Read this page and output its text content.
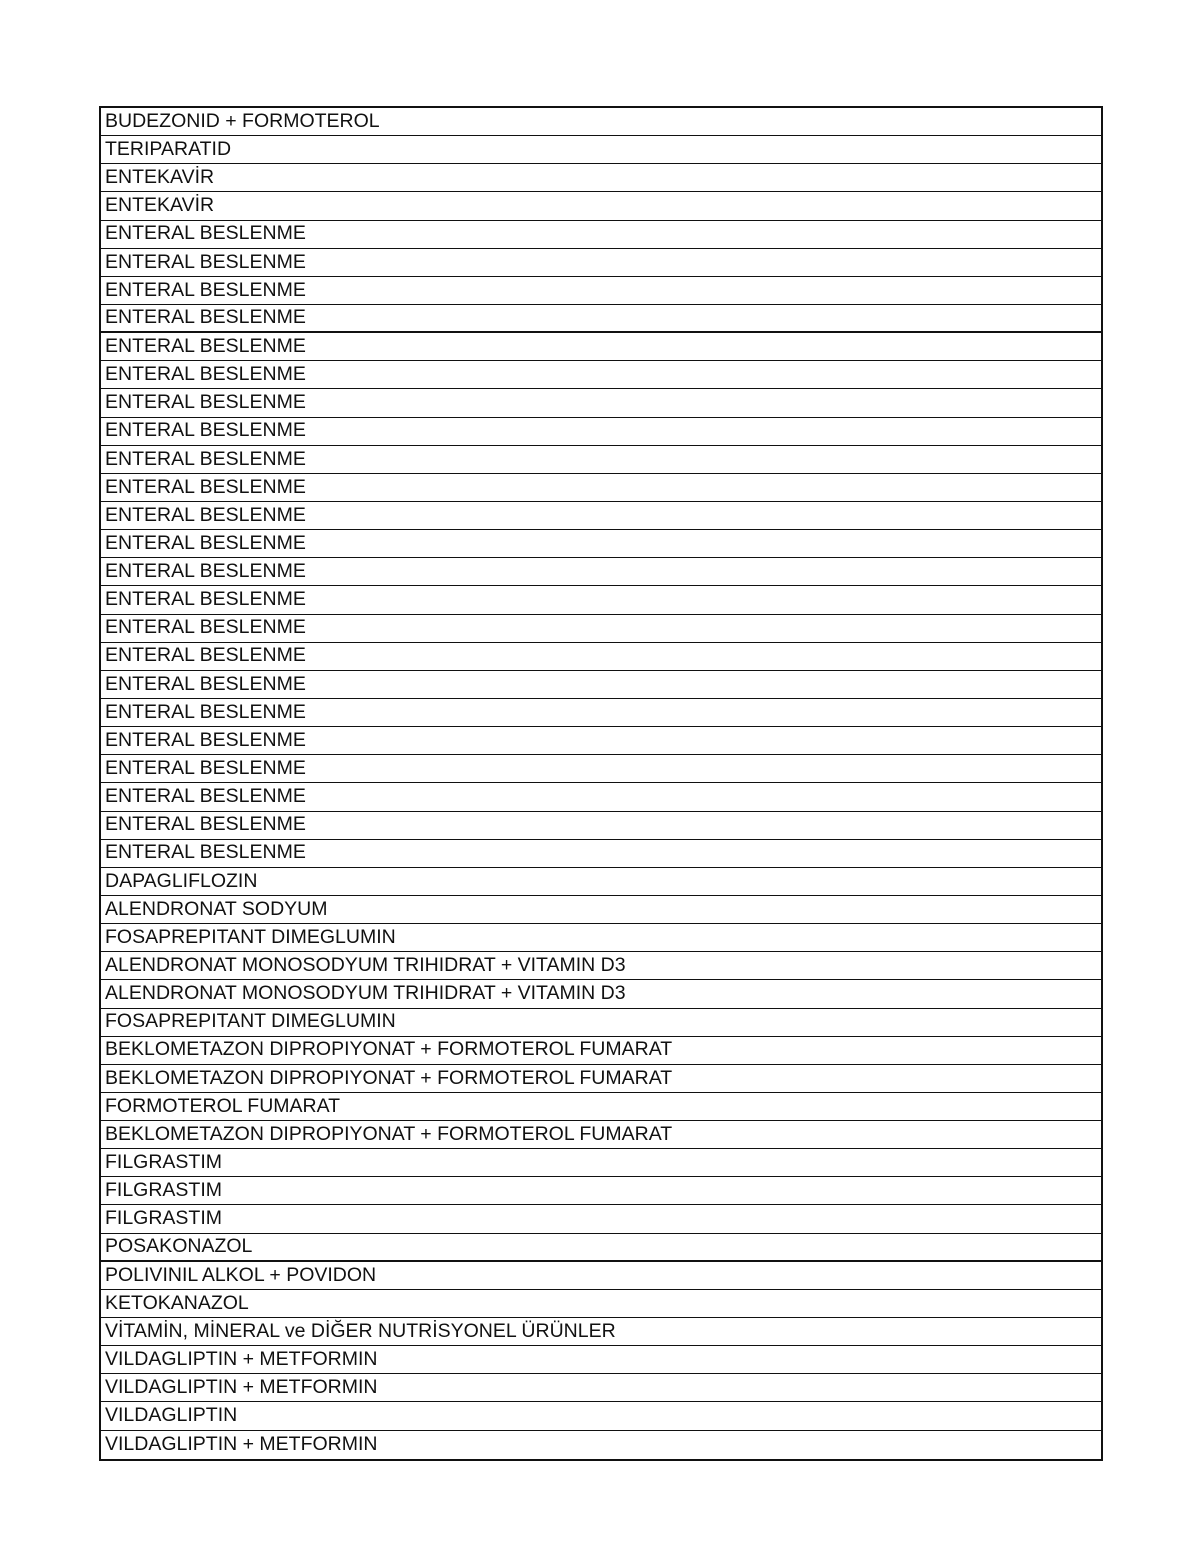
BUDEZONID + FORMOTEROL
TERIPARATID
ENTEKAVİR
ENTEKAVİR
ENTERAL BESLENME
ENTERAL BESLENME
ENTERAL BESLENME
ENTERAL BESLENME
ENTERAL BESLENME
ENTERAL BESLENME
ENTERAL BESLENME
ENTERAL BESLENME
ENTERAL BESLENME
ENTERAL BESLENME
ENTERAL BESLENME
ENTERAL BESLENME
ENTERAL BESLENME
ENTERAL BESLENME
ENTERAL BESLENME
ENTERAL BESLENME
ENTERAL BESLENME
ENTERAL BESLENME
ENTERAL BESLENME
ENTERAL BESLENME
ENTERAL BESLENME
ENTERAL BESLENME
ENTERAL BESLENME
DAPAGLIFLOZIN
ALENDRONAT SODYUM
FOSAPREPITANT DIMEGLUMIN
ALENDRONAT MONOSODYUM TRIHIDRAT + VITAMIN D3
ALENDRONAT MONOSODYUM TRIHIDRAT + VITAMIN D3
FOSAPREPITANT DIMEGLUMIN
BEKLOMETAZON DIPROPIYONAT + FORMOTEROL FUMARAT
BEKLOMETAZON DIPROPIYONAT + FORMOTEROL FUMARAT
FORMOTEROL FUMARAT
BEKLOMETAZON DIPROPIYONAT + FORMOTEROL FUMARAT
FILGRASTIM
FILGRASTIM
FILGRASTIM
POSAKONAZOL
POLIVINIL ALKOL + POVIDON
KETOKANAZOL
VİTAMİN, MİNERAL ve DİĞER NUTRİSYONEL ÜRÜNLER
VILDAGLIPTIN + METFORMIN
VILDAGLIPTIN + METFORMIN
VILDAGLIPTIN
VILDAGLIPTIN + METFORMIN
